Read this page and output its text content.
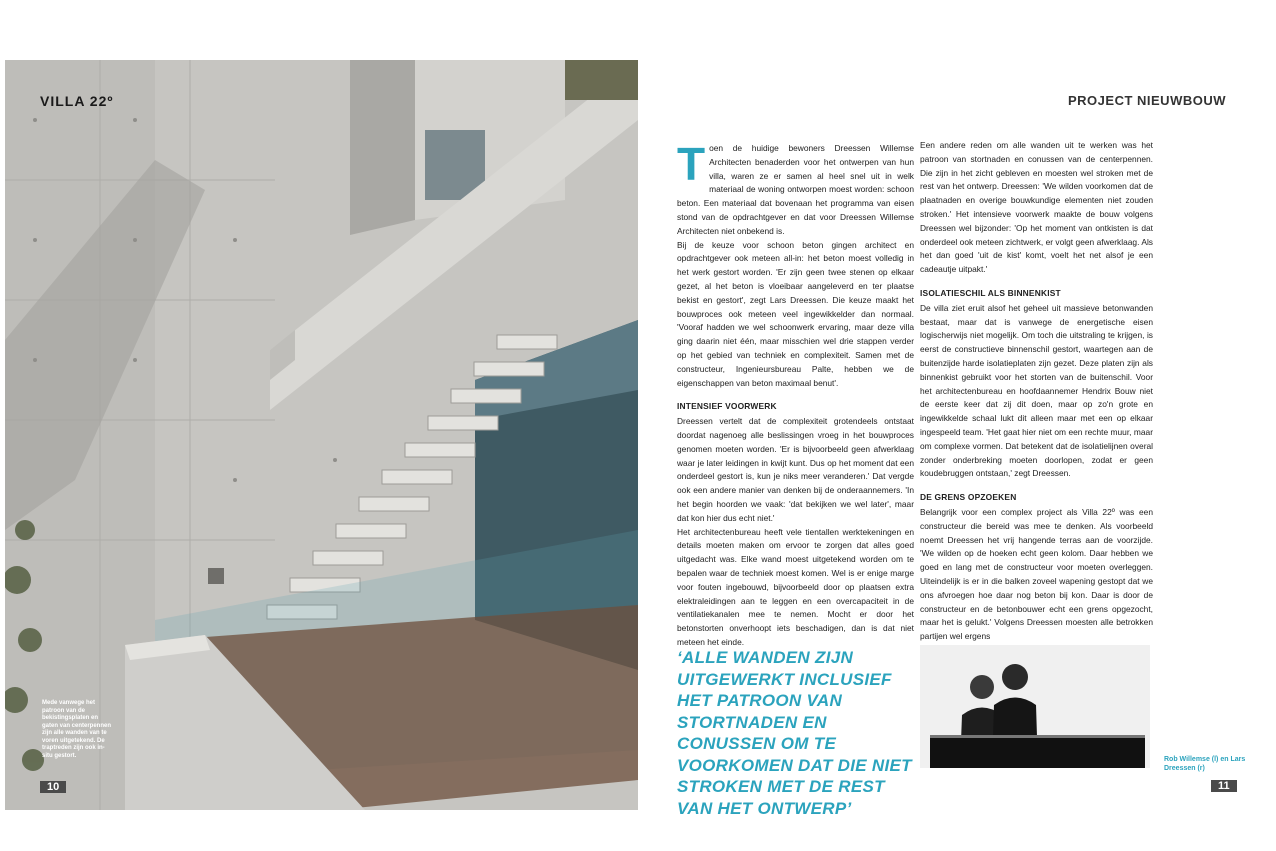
VILLA 22º
Mede vanwege het patroon van de bekistingsplaten en gaten van centerpennen zijn alle wanden van te voren uitgetekend. De traptreden zijn ook in-situ gestort.
10
PROJECT NIEUWBOUW
T oen de huidige bewoners Dreessen Willemse Architecten benaderden voor het ontwerpen van hun villa, waren ze er samen al heel snel uit in welk materiaal de woning ontworpen moest worden: schoon beton. Een materiaal dat bovenaan het programma van eisen stond van de opdrachtgever en dat voor Dreessen Willemse Architecten niet onbekend is.

Bij de keuze voor schoon beton gingen architect en opdrachtgever ook meteen all-in: het beton moest volledig in het werk gestort worden. 'Er zijn geen twee stenen op elkaar gezet, al het beton is vloeibaar aangeleverd en ter plaatse bekist en gestort', zegt Lars Dreessen. Die keuze maakt het bouwproces ook meteen veel ingewikkelder dan normaal. 'Vooraf hadden we wel schoonwerk ervaring, maar deze villa ging daarin niet één, maar misschien wel drie stappen verder op het gebied van techniek en complexiteit. Samen met de constructeur, Ingenieursbureau Palte, hebben we de eigenschappen van beton maximaal benut'.

INTENSIEF VOORWERK

Dreessen vertelt dat de complexiteit grotendeels ontstaat doordat nagenoeg alle beslissingen vroeg in het bouwproces genomen moeten worden. 'Er is bijvoorbeeld geen afwerklaag waar je later leidingen in kwijt kunt. Dus op het moment dat een onderdeel gestort is, kun je niks meer veranderen.' Dat vergde ook een andere manier van denken bij de onderaannemers. 'In het begin hoorden we vaak: 'dat bekijken we wel later', maar dat kon hier dus echt niet.'

Het architectenbureau heeft vele tientallen werktekeningen en details moeten maken om ervoor te zorgen dat alles goed uitgedacht was. Elke wand moest uitgetekend worden om te bepalen waar de techniek moest komen. Wel is er enige marge voor fouten ingebouwd, bijvoorbeeld door op plaatsen extra elektraleidingen aan te leggen en een overcapaciteit in de ventilatiekanalen mee te nemen. Mocht er door het betonstorten onverhoopt iets beschadigen, dan is dat niet meteen het einde.

Een andere reden om alle wanden uit te werken was het patroon van stortnaden en conussen van de centerpennen. Die zijn in het zicht gebleven en moesten wel stroken met de rest van het ontwerp. Dreessen: 'We wilden voorkomen dat de plaatnaden en overige bouwkundige elementen niet zouden stroken.' Het intensieve voorwerk maakte de bouw volgens Dreessen wel bijzonder: 'Op het moment van ontkisten is dat onderdeel ook meteen zichtwerk, er volgt geen afwerklaag. Als het dan goed 'uit de kist' komt, voelt het net alsof je een cadeautje uitpakt.'

ISOLATIESCHIL ALS BINNENKIST

De villa ziet eruit alsof het geheel uit massieve betonwanden bestaat, maar dat is vanwege de energetische eisen logischerwijs niet mogelijk. Om toch die uitstraling te krijgen, is eerst de constructieve binnenschil gestort, waartegen aan de buitenzijde harde isolatieplaten zijn gezet. Deze platen zijn als binnenkist gebruikt voor het storten van de buitenschil. Voor het architectenbureau en hoofdaannemer Hendrix Bouw niet de eerste keer dat zij dit doen, maar op zo'n grote en ingewikkelde schaal lukt dit alleen maar met een op elkaar ingespeeld team. 'Het gaat hier niet om een rechte muur, maar om complexe vormen. Dat betekent dat de isolatielijnen overal zonder onderbreking moeten doorlopen, zodat er geen koudebruggen ontstaan,' zegt Dreessen.

DE GRENS OPZOEKEN

Belangrijk voor een complex project als Villa 22º was een constructeur die bereid was mee te denken. Als voorbeeld noemt Dreessen het vrij hangende terras aan de voorzijde. 'We wilden op de hoeken echt geen kolom. Daar hebben we goed en lang met de constructeur voor moeten overleggen. Uiteindelijk is er in die balken zoveel wapening gestopt dat we ons afvroegen hoe daar nog beton bij kon. Daar is door de constructeur en de betonbouwer echt een grens opgezocht, maar het is gelukt.' Volgens Dreessen moesten alle betrokken partijen wel ergens

‘ALLE WANDEN ZIJN UITGEWERKT INCLUSIEF HET PATROON VAN STORTNADEN EN CONUSSEN OM TE VOORKOMEN DAT DIE NIET STROKEN MET DE REST VAN HET ONTWERP’
Rob Willemse (l) en Lars Dreessen (r)
11
